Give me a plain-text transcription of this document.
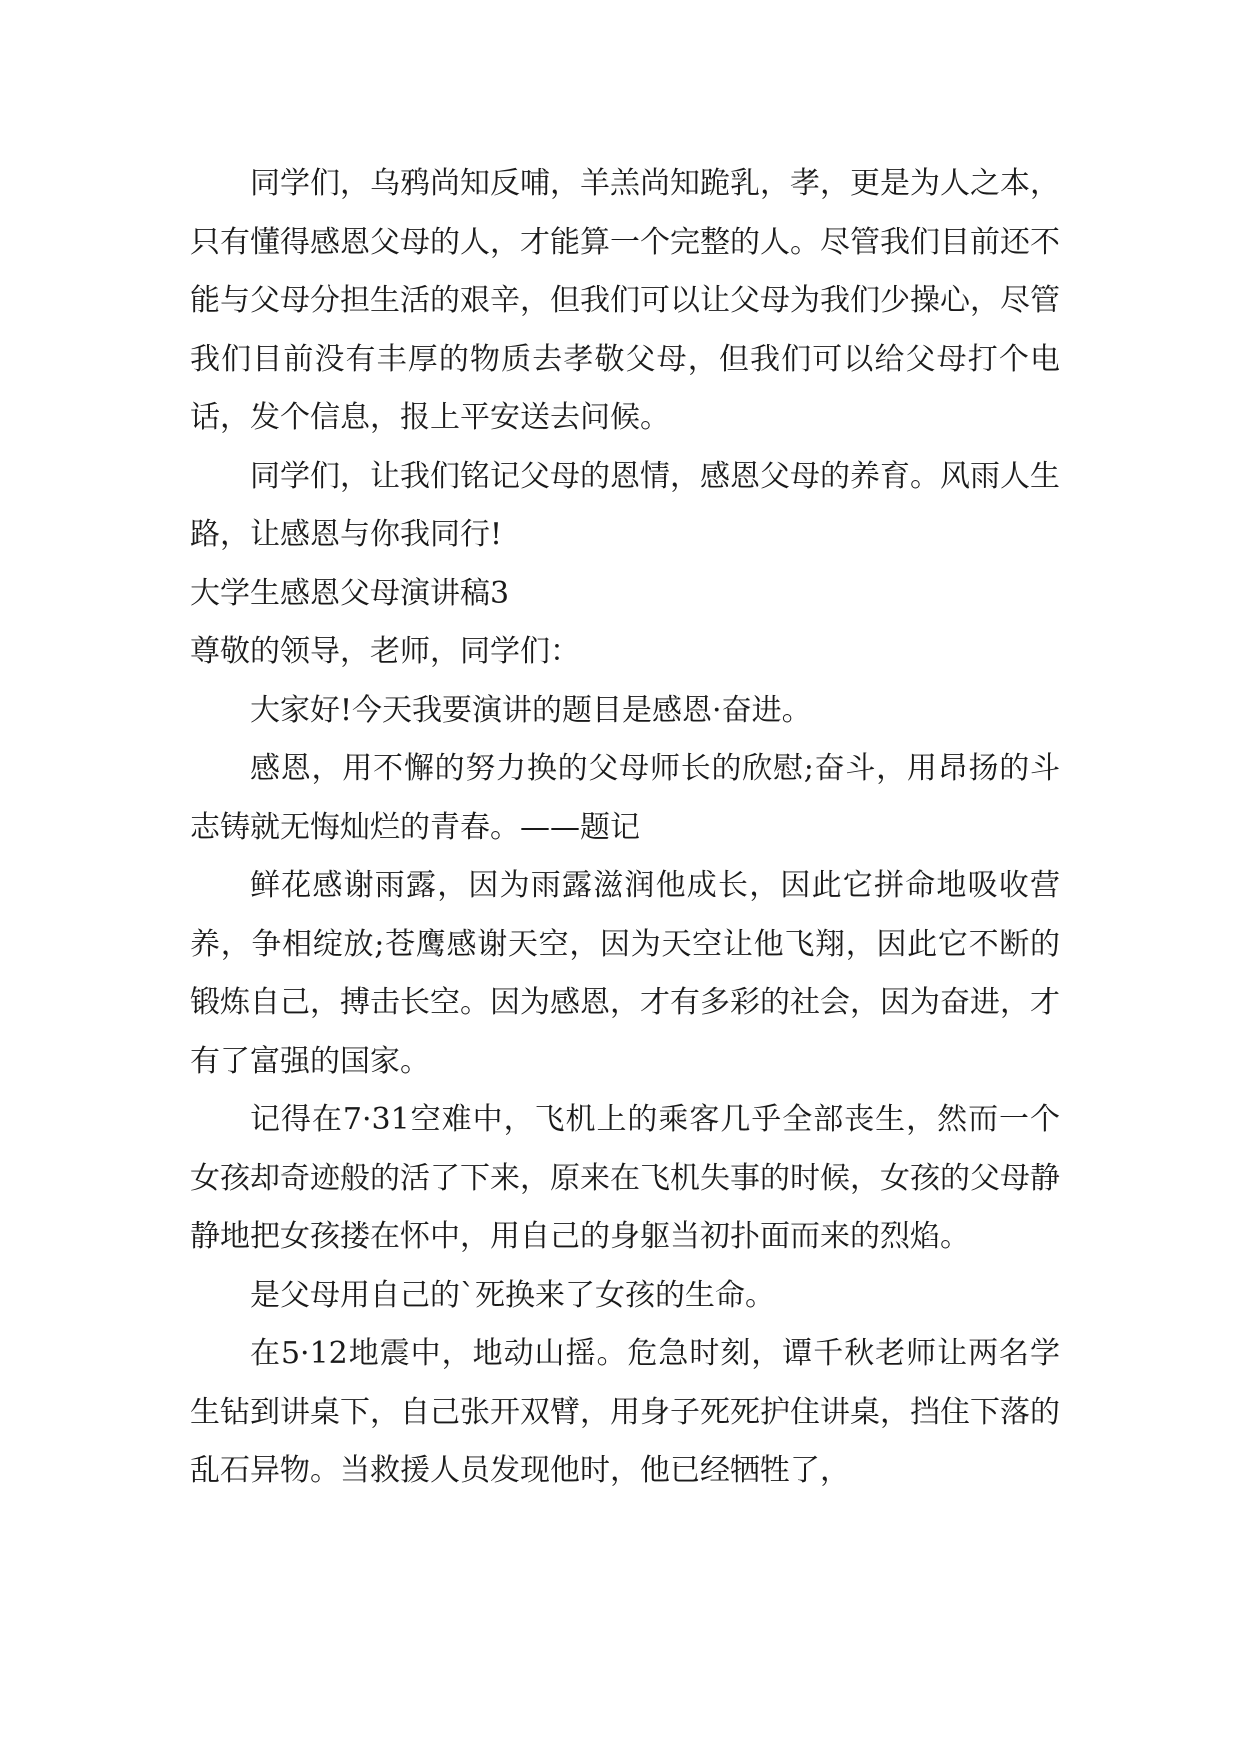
同学们，乌鸦尚知反哺，羊羔尚知跪乳，孝，更是为人之本，只有懂得感恩父母的人，才能算一个完整的人。尽管我们目前还不能与父母分担生活的艰辛，但我们可以让父母为我们少操心，尽管我们目前没有丰厚的物质去孝敬父母，但我们可以给父母打个电话，发个信息，报上平安送去问候。

同学们，让我们铭记父母的恩情，感恩父母的养育。风雨人生路，让感恩与你我同行!

大学生感恩父母演讲稿3

尊敬的领导，老师，同学们：

大家好!今天我要演讲的题目是感恩·奋进。

感恩，用不懈的努力换的父母师长的欣慰;奋斗，用昂扬的斗志铸就无悔灿烂的青春。——题记

鲜花感谢雨露，因为雨露滋润他成长，因此它拼命地吸收营养，争相绽放;苍鹰感谢天空，因为天空让他飞翔，因此它不断的锻炼自己，搏击长空。因为感恩，才有多彩的社会，因为奋进，才有了富强的国家。

记得在7·31空难中，飞机上的乘客几乎全部丧生，然而一个女孩却奇迹般的活了下来，原来在飞机失事的时候，女孩的父母静静地把女孩搂在怀中，用自己的身躯当初扑面而来的烈焰。

是父母用自己的`死换来了女孩的生命。

在5·12地震中，地动山摇。危急时刻，谭千秋老师让两名学生钻到讲桌下，自己张开双臂，用身子死死护住讲桌，挡住下落的乱石异物。当救援人员发现他时，他已经牺牲了，
